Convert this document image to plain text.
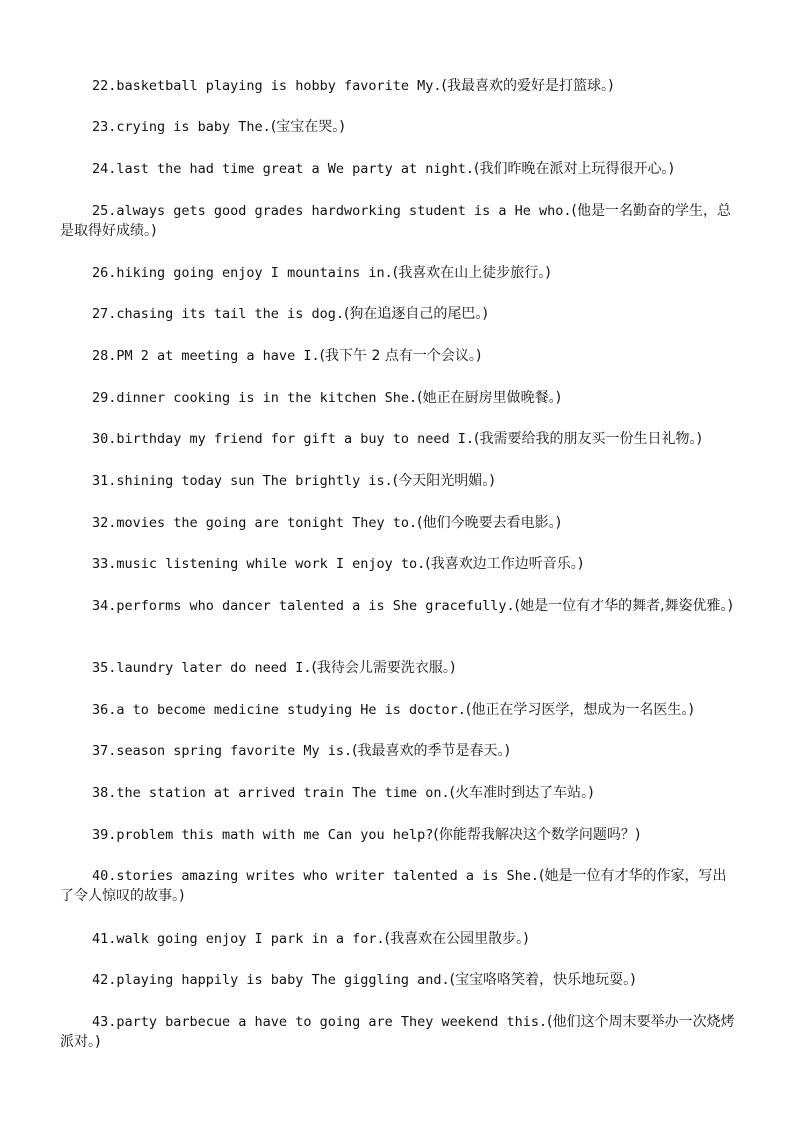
22.basketball playing is hobby favorite My.(我最喜欢的爱好是打篮球。)

23.crying is baby The.(宝宝在哭。)

24.last the had time great a We party at night.(我们昨晚在派对上玩得很开心。)

25.always gets good grades hardworking student is a He who.(他是一名勤奋的学生，总是取得好成绩。)

26.hiking going enjoy I mountains in.(我喜欢在山上徒步旅行。)

27.chasing its tail the is dog.(狗在追逐自己的尾巴。)

28.PM 2 at meeting a have I.(我下午 2 点有一个会议。)

29.dinner cooking is in the kitchen She.(她正在厨房里做晚餐。)

30.birthday my friend for gift a buy to need I.(我需要给我的朋友买一份生日礼物。)

31.shining today sun The brightly is.(今天阳光明媚。)

32.movies the going are tonight They to.(他们今晚要去看电影。)

33.music listening while work I enjoy to.(我喜欢边工作边听音乐。)

34.performs who dancer talented a is She gracefully.(她是一位有才华的舞者,舞姿优雅。)

35.laundry later do need I.(我待会儿需要洗衣服。)

36.a to become medicine studying He is doctor.(他正在学习医学，想成为一名医生。)

37.season spring favorite My is.(我最喜欢的季节是春天。)

38.the station at arrived train The time on.(火车准时到达了车站。)

39.problem this math with me Can you help?(你能帮我解决这个数学问题吗？)

40.stories amazing writes who writer talented a is She.(她是一位有才华的作家，写出了令人惊叹的故事。)

41.walk going enjoy I park in a for.(我喜欢在公园里散步。)

42.playing happily is baby The giggling and.(宝宝咯咯笑着，快乐地玩耍。)

43.party barbecue a have to going are They weekend this.(他们这个周末要举办一次烧烤派对。)
